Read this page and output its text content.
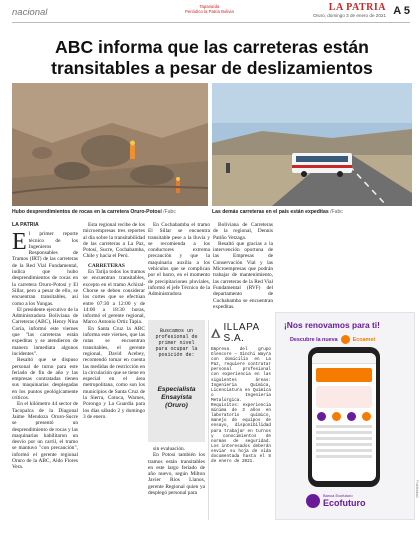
nacional
Tapariaída
Periódico la Patria Bolivia	LA PATRIA
Oruro, domingo 3 de enero de 2021 A 5
ABC informa que las carreteras están transitables a pesar de deslizamientos
Hubo desprendimientos de rocas en la carretera Oruro-Potosí /Fabc	Las demás carreteras en el país están expeditas /Fabc
LA PATRIA
E l primer reporte técnico de los Ingenieros Responsables de Tramos (IRT) de las carreteras de la Red Vial Fundamental, indica que hubo desprendimientos de rocas en la carretera Oruro-Potosí y El Sillar, pero a pesar de ello, se encuentran transitables, así como a los Yungas.

El presidente ejecutivo de la Administradora Boliviana de Carreteras (ABC), Henry Nina Coría, informó este viernes que "las carreteras están expeditas y se atendieron de manera inmediata algunos incidentes".

Resaltó que se dispuso personal de turno para este feriado de fin de año y las empresas contratadas tienen sus maquinarias desplegadas en los puntos geológicamente críticos.

En el kilómetro 44 sector de Tacopalca de la Diagonal Jaime Mendoza Oruro-Sucre se presentó un desprendimiento de rocas y las maquinarias habilitaron un desvío por un carril, el tramo se mantuvo "con precaución", informó el gerente regional Oruro de la ABC, Aldo Flores Vera.

Esta regional recibe de los microempresas tres reportes al día sobre la transitabilidad de las carreteras a La Paz, Potosí, Sucre, Cochabamba, Chile y hacia el Perú.

CARRETERAS

En Tarija todos los tramos se encuentran transitables, excepto en el tramo Achiral-Chorse se deben considerar los cortes que se efectúan entre 07:30 a 12:00 y de 14:00 a 18:30 horas, informó el gerente regional, Marco Antonio Ortiz Tapia.

En Santa Cruz la ABC informa este viernes, que las rutas se encuentran transitables, el gerente regional, David Acebey, recomendó tomar en cuenta las medidas de restricción en la circulación que se tiene en especial en el área metropolitana, como son los municipios de Santa Cruz de la Sierra, Cotoca, Warnes, Porongo y La Guardia para los días sábado 2 y domingo 3 de enero.

En Cochabamba el tramo El Sillar se encuentra transitable pese a la lluvia y se recomienda a los conductores extrema precaución y que la maquinaria auxilia a los vehículos que se complican por el barro, en el momento de precipitaciones pluviales, informó el jefe Técnico de la Administradora

Boliviana de Carreteras de la regional, Dennis Patiño Vetzaga.

Resaltó que gracias a la intervención oportuna de las Empresas de Conservación Vial y las Microempresas que podrán trabajar de mantenimiento, las carreteras de la Red Vial Fundamental (RVF) del departamento de Cochabamba se encuentran expeditas.

Buscamos un profesional de primer nivel para ocupar la posición de:
Especialista Ensayista (Oruro)
ILLAPA S.A.
Empresa del grupo Glencore – Sinchi Wayra con domicilio en La Paz, requiere contratar personal profesional con experiencia en las siguientes áreas: Ingeniería Química, Licenciatura en Química o Ingeniería Metalúrgica. Requisitos: experiencia mínima de 3 años en laboratorio químico, manejo de equipos de ensayo, disponibilidad para trabajar en turnos y conocimientos de normas de seguridad. Los interesados deberán enviar su hoja de vida documentada hasta el 8 de enero de 2021.

sin evaluación.

En Potosí también los tramos están transitables en este largo feriado de año nuevo, según Milton Javier Ríos Llanos, gerente Regional quien ya desplegó personal para

¡Nos renovamos para ti!
Descubre la nueva	Ecoamet
Banca Ecofuturo
Ecofuturo
Publicidad
